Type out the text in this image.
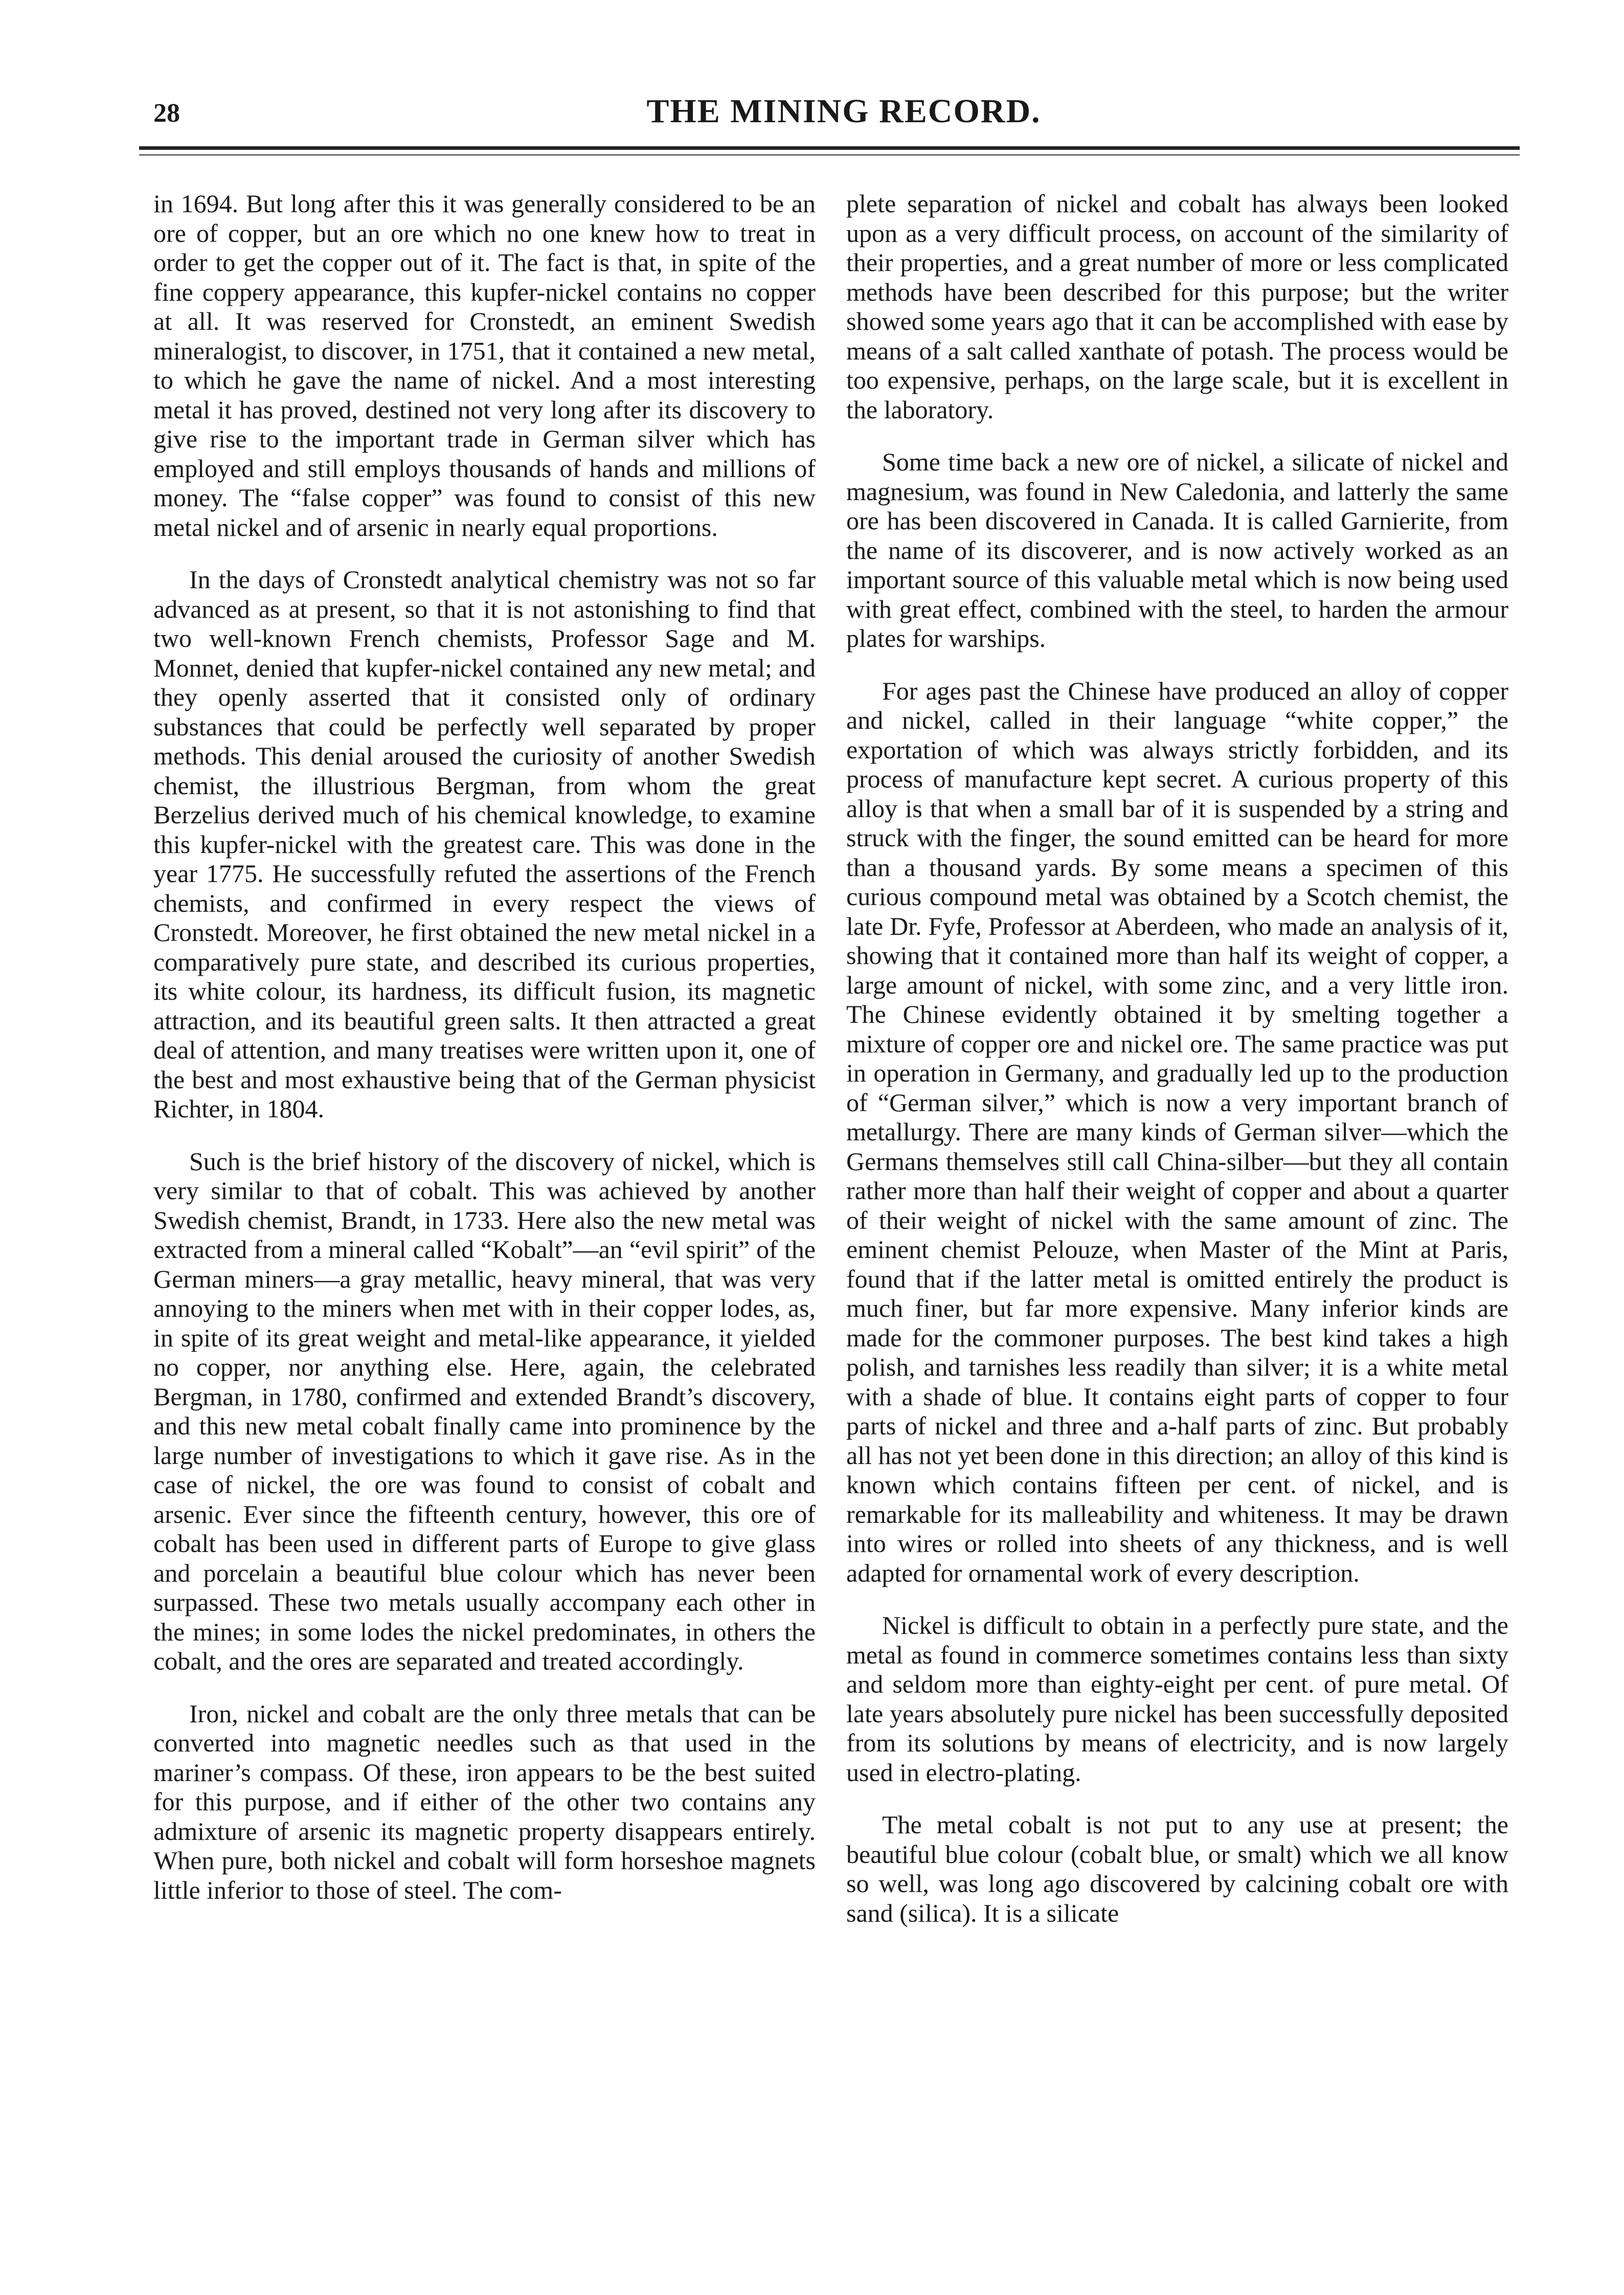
28	THE MINING RECORD.

in 1694. But long after this it was generally considered to be an ore of copper, but an ore which no one knew how to treat in order to get the copper out of it. The fact is that, in spite of the fine coppery appearance, this kupfer-nickel contains no copper at all. It was reserved for Cronstedt, an eminent Swedish mineralogist, to discover, in 1751, that it contained a new metal, to which he gave the name of nickel. And a most interesting metal it has proved, destined not very long after its discovery to give rise to the important trade in German silver which has employed and still employs thousands of hands and millions of money. The “false copper” was found to consist of this new metal nickel and of arsenic in nearly equal proportions.

In the days of Cronstedt analytical chemistry was not so far advanced as at present, so that it is not astonishing to find that two well-known French chemists, Professor Sage and M. Monnet, denied that kupfer-nickel contained any new metal; and they openly asserted that it consisted only of ordinary substances that could be perfectly well separated by proper methods. This denial aroused the curiosity of another Swedish chemist, the illustrious Bergman, from whom the great Berzelius derived much of his chemical knowledge, to examine this kupfer-nickel with the greatest care. This was done in the year 1775. He successfully refuted the assertions of the French chemists, and confirmed in every respect the views of Cronstedt. Moreover, he first obtained the new metal nickel in a comparatively pure state, and described its curious properties, its white colour, its hardness, its difficult fusion, its magnetic attraction, and its beautiful green salts. It then attracted a great deal of attention, and many treatises were written upon it, one of the best and most exhaustive being that of the German physicist Richter, in 1804.

Such is the brief history of the discovery of nickel, which is very similar to that of cobalt. This was achieved by another Swedish chemist, Brandt, in 1733. Here also the new metal was extracted from a mineral called “Kobalt”—an “evil spirit” of the German miners—a gray metallic, heavy mineral, that was very annoying to the miners when met with in their copper lodes, as, in spite of its great weight and metal-like appearance, it yielded no copper, nor anything else. Here, again, the celebrated Bergman, in 1780, confirmed and extended Brandt’s discovery, and this new metal cobalt finally came into prominence by the large number of investigations to which it gave rise. As in the case of nickel, the ore was found to consist of cobalt and arsenic. Ever since the fifteenth century, however, this ore of cobalt has been used in different parts of Europe to give glass and porcelain a beautiful blue colour which has never been surpassed. These two metals usually accompany each other in the mines; in some lodes the nickel predominates, in others the cobalt, and the ores are separated and treated accordingly.

Iron, nickel and cobalt are the only three metals that can be converted into magnetic needles such as that used in the mariner’s compass. Of these, iron appears to be the best suited for this purpose, and if either of the other two contains any admixture of arsenic its magnetic property disappears entirely. When pure, both nickel and cobalt will form horseshoe magnets little inferior to those of steel. The com-

plete separation of nickel and cobalt has always been looked upon as a very difficult process, on account of the similarity of their properties, and a great number of more or less complicated methods have been described for this purpose; but the writer showed some years ago that it can be accomplished with ease by means of a salt called xanthate of potash. The process would be too expensive, perhaps, on the large scale, but it is excellent in the laboratory.

Some time back a new ore of nickel, a silicate of nickel and magnesium, was found in New Caledonia, and latterly the same ore has been discovered in Canada. It is called Garnierite, from the name of its discoverer, and is now actively worked as an important source of this valuable metal which is now being used with great effect, combined with the steel, to harden the armour plates for warships.

For ages past the Chinese have produced an alloy of copper and nickel, called in their language “white copper,” the exportation of which was always strictly forbidden, and its process of manufacture kept secret. A curious property of this alloy is that when a small bar of it is suspended by a string and struck with the finger, the sound emitted can be heard for more than a thousand yards. By some means a specimen of this curious compound metal was obtained by a Scotch chemist, the late Dr. Fyfe, Professor at Aberdeen, who made an analysis of it, showing that it contained more than half its weight of copper, a large amount of nickel, with some zinc, and a very little iron. The Chinese evidently obtained it by smelting together a mixture of copper ore and nickel ore. The same practice was put in operation in Germany, and gradually led up to the production of “German silver,” which is now a very important branch of metallurgy. There are many kinds of German silver—which the Germans themselves still call China-silber—but they all contain rather more than half their weight of copper and about a quarter of their weight of nickel with the same amount of zinc. The eminent chemist Pelouze, when Master of the Mint at Paris, found that if the latter metal is omitted entirely the product is much finer, but far more expensive. Many inferior kinds are made for the commoner purposes. The best kind takes a high polish, and tarnishes less readily than silver; it is a white metal with a shade of blue. It contains eight parts of copper to four parts of nickel and three and a-half parts of zinc. But probably all has not yet been done in this direction; an alloy of this kind is known which contains fifteen per cent. of nickel, and is remarkable for its malleability and whiteness. It may be drawn into wires or rolled into sheets of any thickness, and is well adapted for ornamental work of every description.

Nickel is difficult to obtain in a perfectly pure state, and the metal as found in commerce sometimes contains less than sixty and seldom more than eighty-eight per cent. of pure metal. Of late years absolutely pure nickel has been successfully deposited from its solutions by means of electricity, and is now largely used in electro-plating.

The metal cobalt is not put to any use at present; the beautiful blue colour (cobalt blue, or smalt) which we all know so well, was long ago discovered by calcining cobalt ore with sand (silica). It is a silicate
